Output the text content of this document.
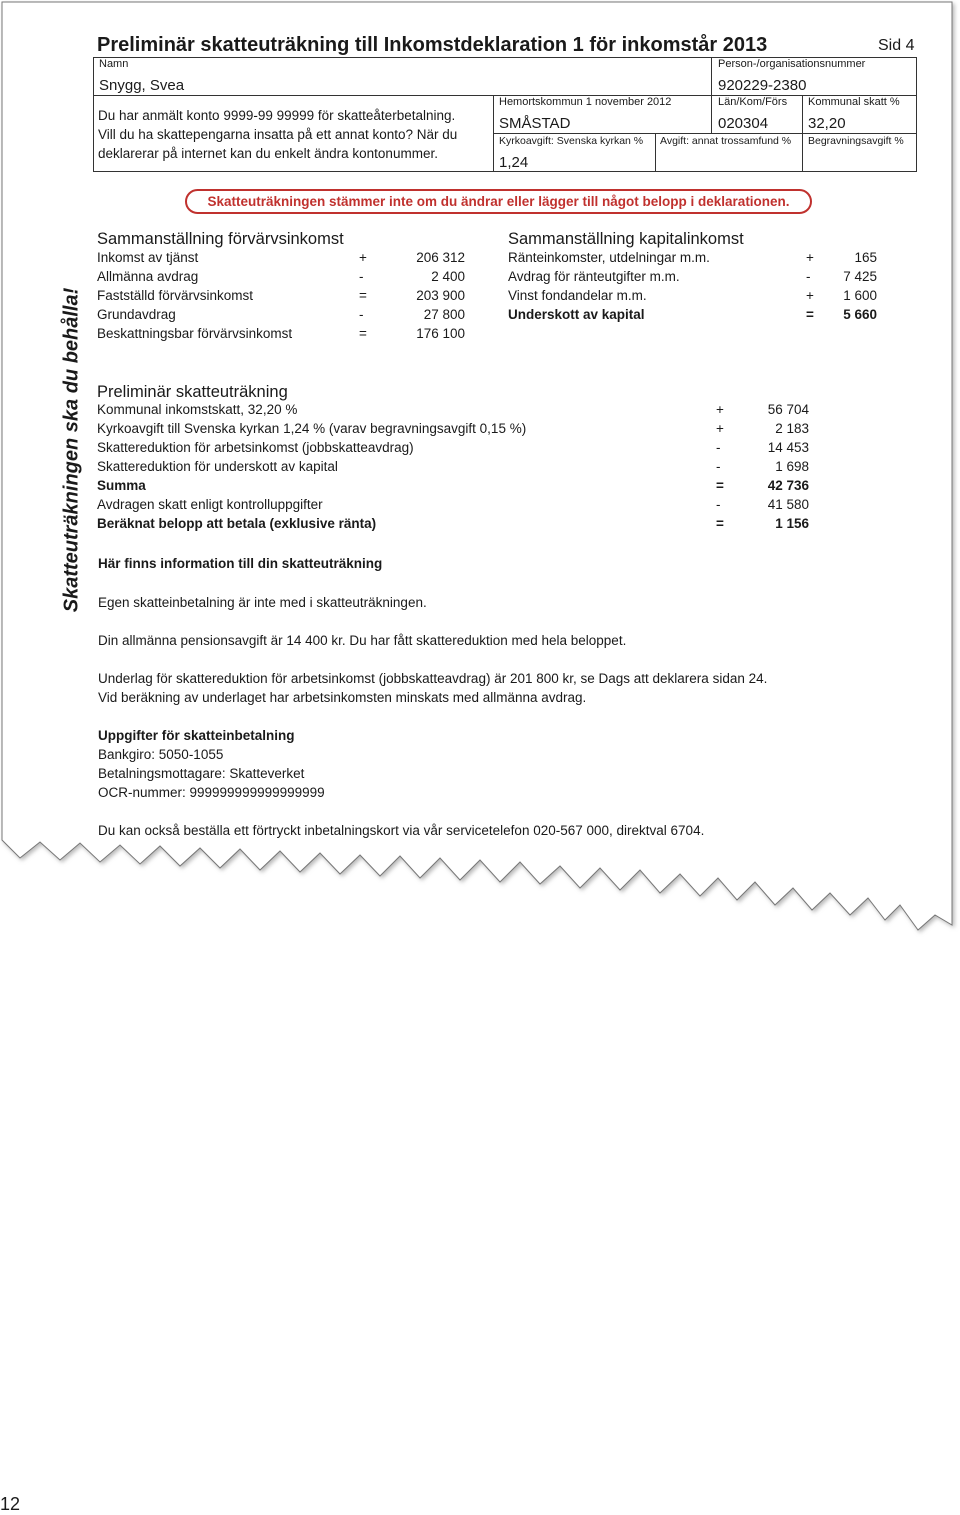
Preliminär skatteuträkning till Inkomstdeklaration 1 för inkomstår 2013	Sid 4
Namn
Snygg, Svea
Person-/organisationsnummer
920229-2380
Du har anmält konto 9999-99 99999 för skatteåterbetalning.
Vill du ha skattepengarna insatta på ett annat konto? När du
deklarerar på internet kan du enkelt ändra kontonummer.
Hemortskommun 1 november 2012
SMÅSTAD
Län/Kom/Förs
020304
Kommunal skatt %
32,20
Kyrkoavgift: Svenska kyrkan %
1,24
Avgift: annat trossamfund % Begravningsavgift %
Skatteuträkningen stämmer inte om du ändrar eller lägger till något belopp i deklarationen.
Skatteuträkningen ska du behålla!
Sammanställning förvärvsinkomst
Inkomst av tjänst	+	206 312
Allmänna avdrag	-	2 400
Fastställd förvärvsinkomst	=	203 900
Grundavdrag	-	27 800
Beskattningsbar förvärvsinkomst	=	176 100
Sammanställning kapitalinkomst
Ränteinkomster, utdelningar m.m.	+	165
Avdrag för ränteutgifter m.m.	- 7 425
Vinst fondandelar m.m.	+ 1 600
Underskott av kapital	= 5 660
Preliminär skatteuträkning
Kommunal inkomstskatt, 32,20 %	+	56 704
Kyrkoavgift till Svenska kyrkan 1,24 % (varav begravningsavgift 0,15 %)	+	2 183
Skattereduktion för arbetsinkomst (jobbskatteavdrag)	-	14 453
Skattereduktion för underskott av kapital	-	1 698
Summa	=	42 736
Avdragen skatt enligt kontrolluppgifter	-	41 580
Beräknat belopp att betala (exklusive ränta)	=	1 156
Här finns information till din skatteuträkning
Egen skatteinbetalning är inte med i skatteuträkningen.
Din allmänna pensionsavgift är 14 400 kr. Du har fått skattereduktion med hela beloppet.
Underlag för skattereduktion för arbetsinkomst (jobbskatteavdrag) är 201 800 kr, se Dags att deklarera sidan 24.
Vid beräkning av underlaget har arbetsinkomsten minskats med allmänna avdrag.
Uppgifter för skatteinbetalning
Bankgiro: 5050-1055
Betalningsmottagare: Skatteverket
OCR-nummer: 999999999999999999
Du kan också beställa ett förtryckt inbetalningskort via vår servicetelefon 020-567 000, direktval 6704.
12
